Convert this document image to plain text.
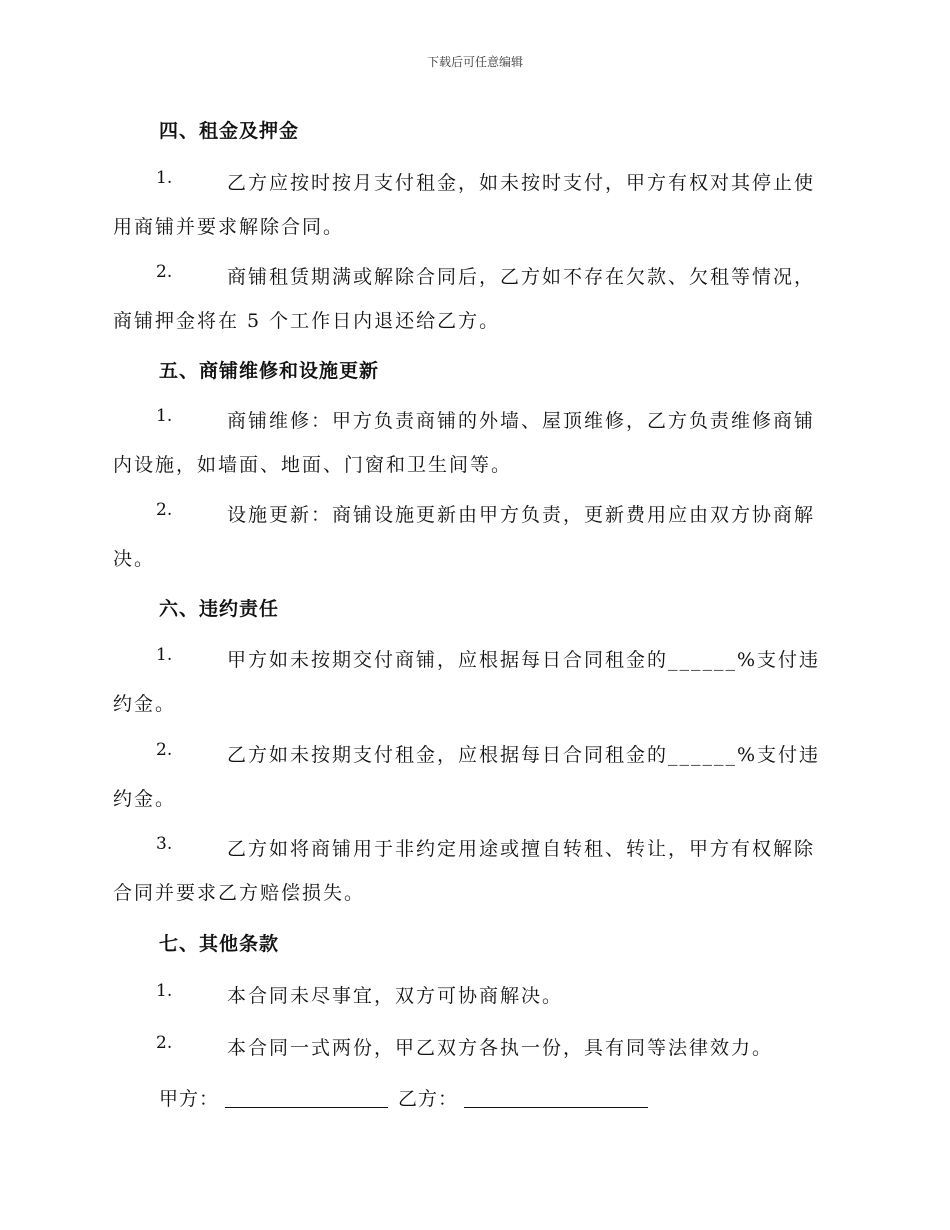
下载后可任意编辑
四、租金及押金
1.	乙方应按时按月支付租金，如未按时支付，甲方有权对其停止使
用商铺并要求解除合同。
2.	商铺租赁期满或解除合同后，乙方如不存在欠款、欠租等情况，
商铺押金将在 5 个工作日内退还给乙方。
五、商铺维修和设施更新
1.	商铺维修：甲方负责商铺的外墙、屋顶维修，乙方负责维修商铺
内设施，如墙面、地面、门窗和卫生间等。
2.	设施更新：商铺设施更新由甲方负责，更新费用应由双方协商解
决。
六、违约责任
1.	甲方如未按期交付商铺，应根据每日合同租金的______%支付违
约金。
2.	乙方如未按期支付租金，应根据每日合同租金的______%支付违
约金。
3.	乙方如将商铺用于非约定用途或擅自转租、转让，甲方有权解除
合同并要求乙方赔偿损失。
七、其他条款
1.	本合同未尽事宜，双方可协商解决。
2.	本合同一式两份，甲乙双方各执一份，具有同等法律效力。
甲方：	乙方：
